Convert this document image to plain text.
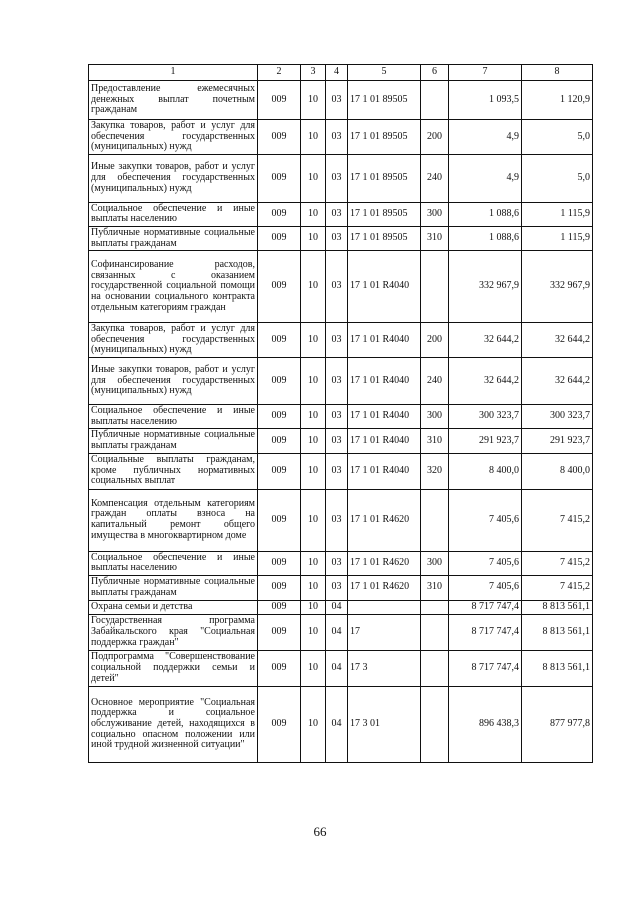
1	2	3	4	5	6	7	8
Предоставление ежемесячных денежных выплат почетным гражданам	009	10	03	17 1 01 89505		1 093,5	1 120,9
Закупка товаров, работ и услуг для обеспечения государственных (муниципальных) нужд	009	10	03	17 1 01 89505	200	4,9	5,0
Иные закупки товаров, работ и услуг для обеспечения государственных (муниципальных) нужд	009	10	03	17 1 01 89505	240	4,9	5,0
Социальное обеспечение и иные выплаты населению	009	10	03	17 1 01 89505	300	1 088,6	1 115,9
Публичные нормативные социальные выплаты гражданам	009	10	03	17 1 01 89505	310	1 088,6	1 115,9
Софинансирование расходов, связанных с оказанием государственной социальной помощи на основании социального контракта отдельным категориям граждан	009	10	03	17 1 01 R4040		332 967,9	332 967,9
Закупка товаров, работ и услуг для обеспечения государственных (муниципальных) нужд	009	10	03	17 1 01 R4040	200	32 644,2	32 644,2
Иные закупки товаров, работ и услуг для обеспечения государственных (муниципальных) нужд	009	10	03	17 1 01 R4040	240	32 644,2	32 644,2
Социальное обеспечение и иные выплаты населению	009	10	03	17 1 01 R4040	300	300 323,7	300 323,7
Публичные нормативные социальные выплаты гражданам	009	10	03	17 1 01 R4040	310	291 923,7	291 923,7
Социальные выплаты гражданам, кроме публичных нормативных социальных выплат	009	10	03	17 1 01 R4040	320	8 400,0	8 400,0
Компенсация отдельным категориям граждан оплаты взноса на капитальный ремонт общего имущества в многоквартирном доме	009	10	03	17 1 01 R4620		7 405,6	7 415,2
Социальное обеспечение и иные выплаты населению	009	10	03	17 1 01 R4620	300	7 405,6	7 415,2
Публичные нормативные социальные выплаты гражданам	009	10	03	17 1 01 R4620	310	7 405,6	7 415,2
Охрана семьи и детства	009	10	04			8 717 747,4	8 813 561,1
Государственная программа Забайкальского края "Социальная поддержка граждан"	009	10	04	17		8 717 747,4	8 813 561,1
Подпрограмма "Совершенствование социальной поддержки семьи и детей"	009	10	04	17 3		8 717 747,4	8 813 561,1
Основное мероприятие "Социальная поддержка и социальное обслуживание детей, находящихся в социально опасном положении или иной трудной жизненной ситуации"	009	10	04	17 3 01		896 438,3	877 977,8
66
